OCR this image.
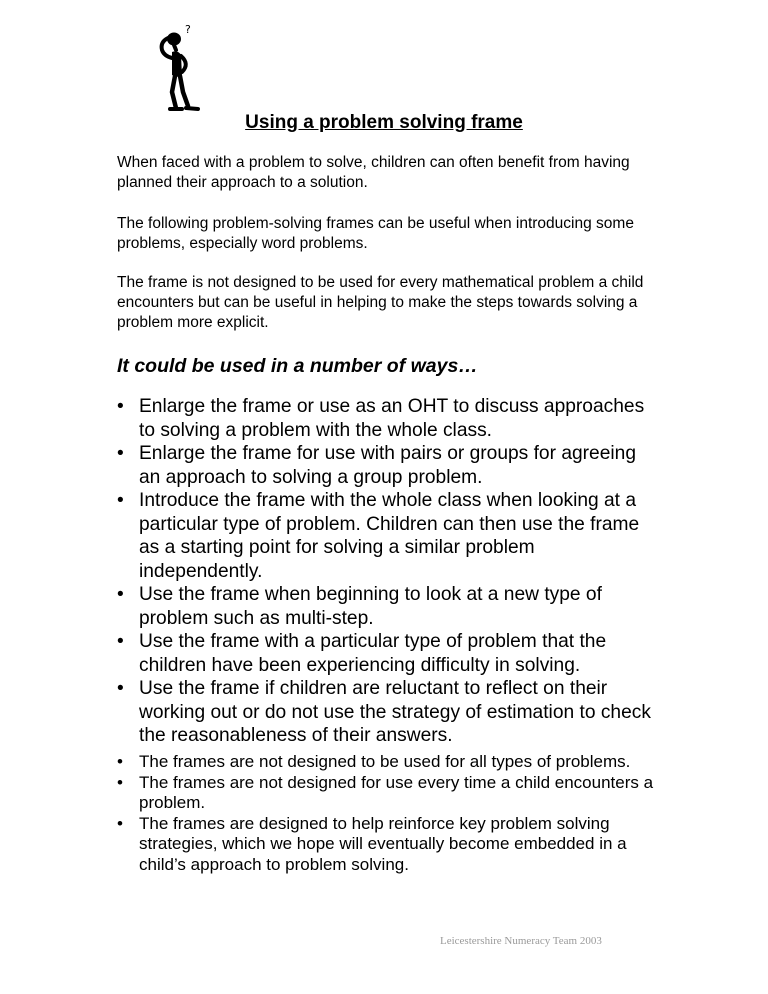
?
Using a problem solving frame

When faced with a problem to solve, children can often benefit from having planned their approach to a solution.

The following problem-solving frames can be useful when introducing some problems, especially word problems.

The frame is not designed to be used for every mathematical problem a child encounters but can be useful in helping to make the steps towards solving a problem more explicit.

It could be used in a number of ways…
• Enlarge the frame or use as an OHT to discuss approaches to solving a problem with the whole class.
• Enlarge the frame for use with pairs or groups for agreeing an approach to solving a group problem.
• Introduce the frame with the whole class when looking at a particular type of problem. Children can then use the frame as a starting point for solving a similar problem independently.
• Use the frame when beginning to look at a new type of problem such as multi-step.
• Use the frame with a particular type of problem that the children have been experiencing difficulty in solving.
• Use the frame if children are reluctant to reflect on their working out or do not use the strategy of estimation to check the reasonableness of their answers.
• The frames are not designed to be used for all types of problems.
• The frames are not designed for use every time a child encounters a problem.
• The frames are designed to help reinforce key problem solving strategies, which we hope will eventually become embedded in a child’s approach to problem solving.

Leicestershire Numeracy Team 2003
